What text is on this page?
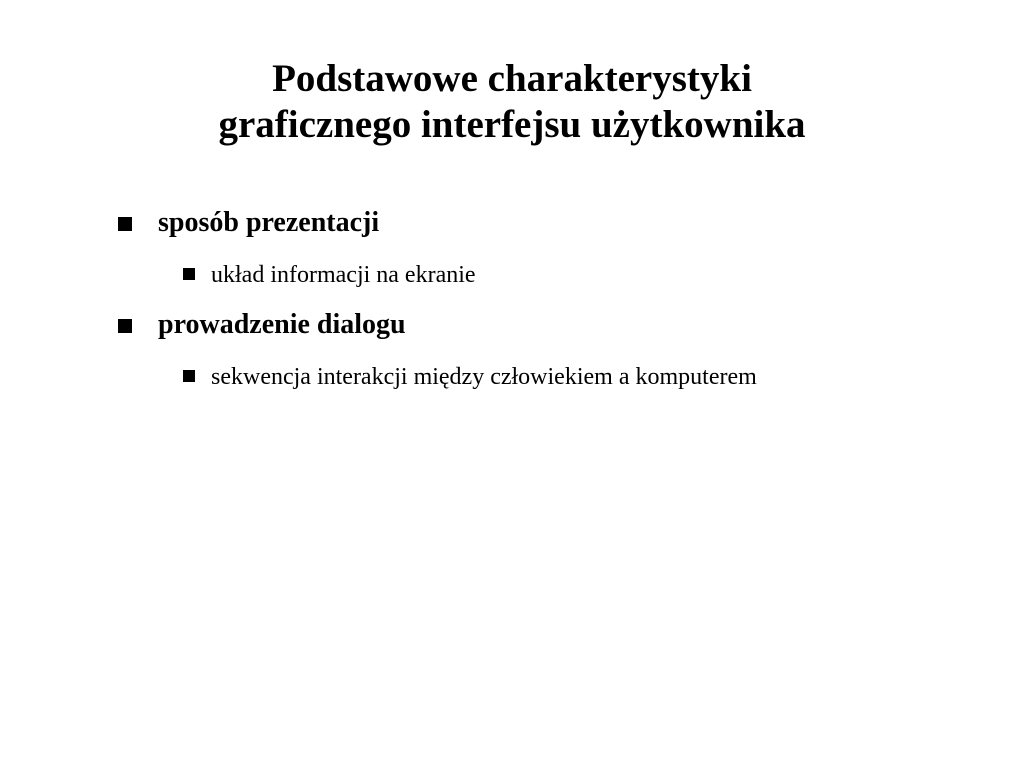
Podstawowe charakterystyki
graficznego interfejsu użytkownika
sposób prezentacji
układ informacji na ekranie
prowadzenie dialogu
sekwencja interakcji między człowiekiem a komputerem
